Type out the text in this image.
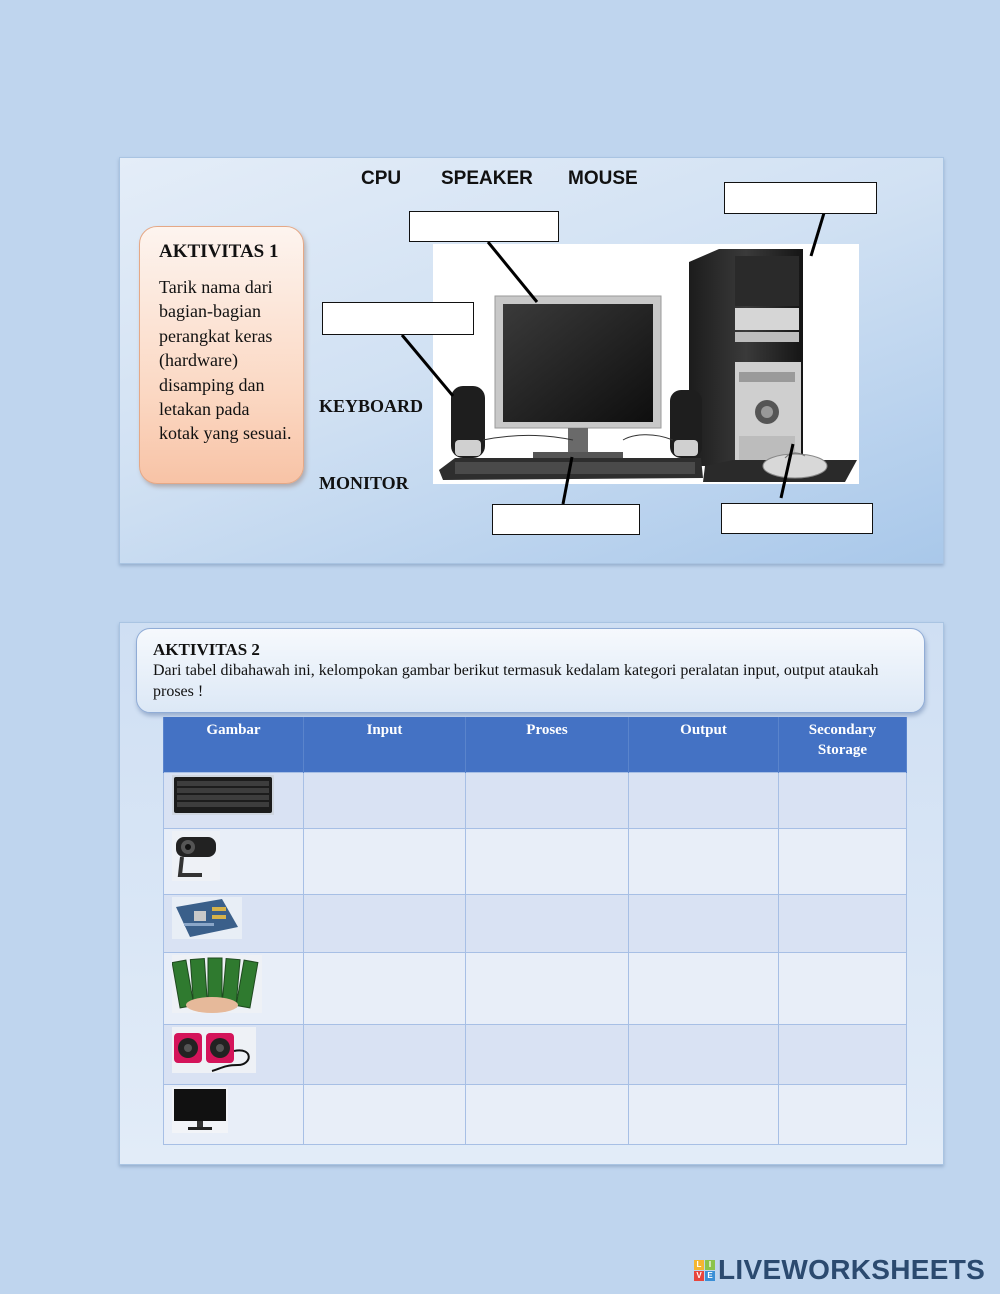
CPU SPEAKER MOUSE
KEYBOARD
MONITOR
AKTIVITAS 1

Tarik nama dari bagian-bagian perangkat keras (hardware) disamping dan letakan pada kotak yang sesuai.

AKTIVITAS 2

Dari tabel dibahawah ini, kelompokan gambar berikut termasuk kedalam kategori peralatan input, output ataukah proses !

Gambar	Input	Proses	Output	Secondary Storage

L I
V E LIVEWORKSHEETS
